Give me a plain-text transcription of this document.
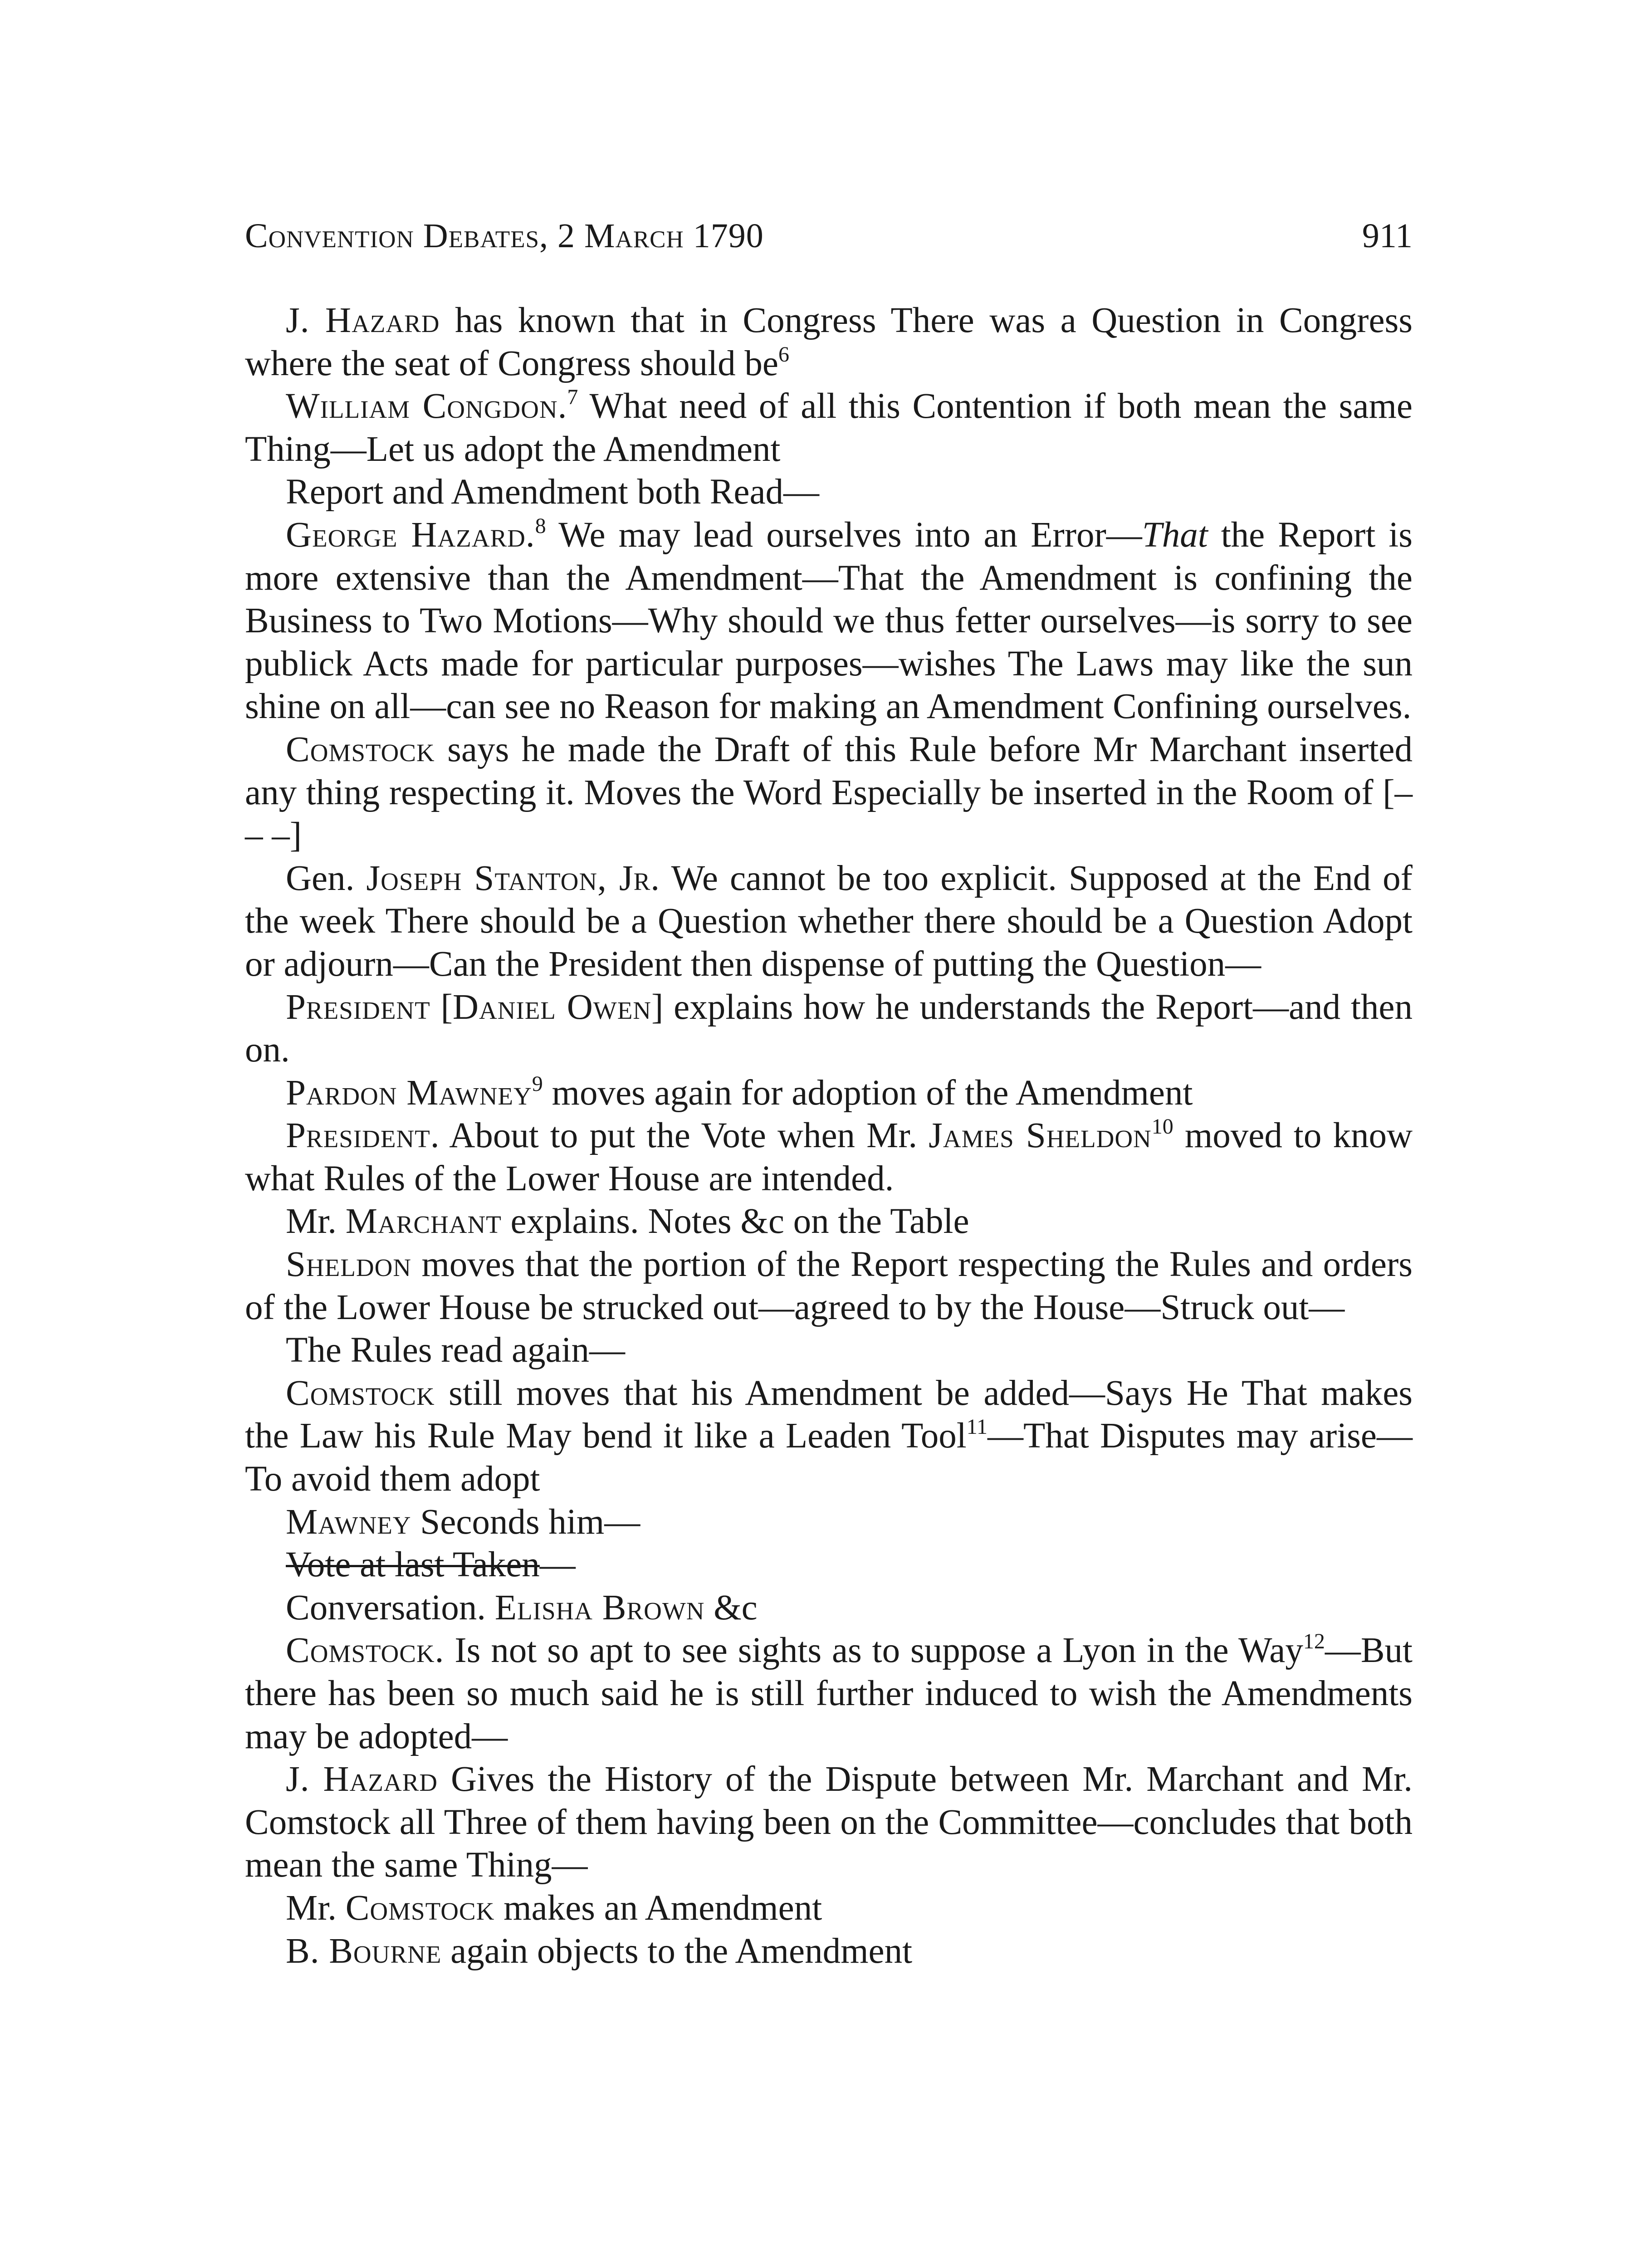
Convention Debates, 2 March 1790	911

J. Hazard has known that in Congress There was a Question in Congress where the seat of Congress should $be^6$

William Congdon.$^7$ What need of all this Contention if both mean the same Thing—Let us adopt the Amendment

Report and Amendment both Read—

George Hazard.$^8$ We may lead ourselves into an Error—That the Report is more extensive than the Amendment—That the Amendment is confining the Business to Two Motions—Why should we thus fetter ourselves—is sorry to see publick Acts made for particular purposes—wishes The Laws may like the sun shine on all—can see no Reason for making an Amendment Confining ourselves.

Comstock says he made the Draft of this Rule before Mr Marchant inserted any thing respecting it. Moves the Word Especially be inserted in the Room of [– – –]

Gen. Joseph Stanton, Jr. We cannot be too explicit. Supposed at the End of the week There should be a Question whether there should be a Question Adopt or adjourn—Can the President then dispense of putting the Question—

President [Daniel Owen] explains how he understands the Report—and then on.

Pardon Mawney$^9$ moves again for adoption of the Amendment

President. About to put the Vote when Mr. James Sheldon$^{10}$ moved to know what Rules of the Lower House are intended.

Mr. Marchant explains. Notes &c on the Table

Sheldon moves that the portion of the Report respecting the Rules and orders of the Lower House be strucked out—agreed to by the House—Struck out—

The Rules read again—

Comstock still moves that his Amendment be added—Says He That makes the Law his Rule May bend it like a Leaden Tool$^{11}$—That Disputes may arise—To avoid them adopt

Mawney Seconds him—

Vote at last Taken—

Conversation. Elisha Brown &c

Comstock. Is not so apt to see sights as to suppose a Lyon in the Way$^{12}$—But there has been so much said he is still further induced to wish the Amendments may be adopted—

J. Hazard Gives the History of the Dispute between Mr. Marchant and Mr. Comstock all Three of them having been on the Committee—concludes that both mean the same Thing—

Mr. Comstock makes an Amendment

B. Bourne again objects to the Amendment
